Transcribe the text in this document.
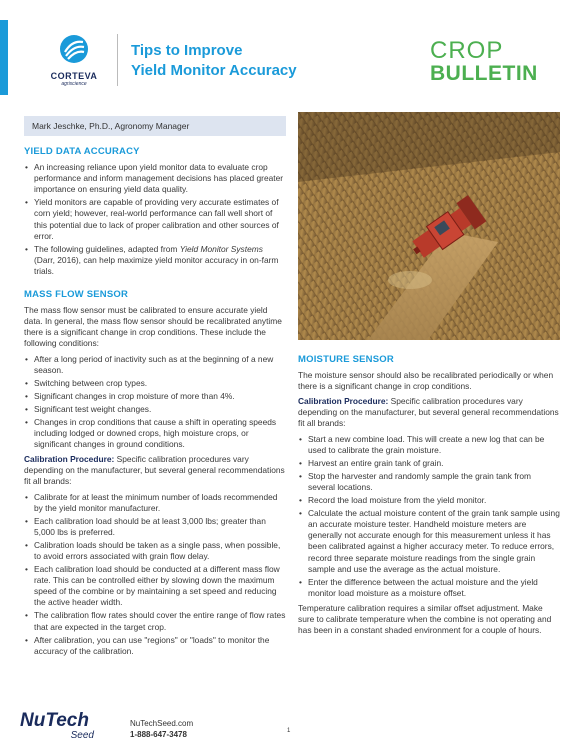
CORTEVA
agriscience
Tips to Improve
Yield Monitor Accuracy
CROP
BULLETIN
Mark Jeschke, Ph.D., Agronomy Manager
YIELD DATA ACCURACY
• An increasing reliance upon yield monitor data to evaluate crop performance and inform management decisions has placed greater importance on ensuring yield data quality.
• Yield monitors are capable of providing very accurate estimates of corn yield; however, real-world performance can fall well short of this potential due to lack of proper calibration and other sources of error.
• The following guidelines, adapted from Yield Monitor Systems (Darr, 2016), can help maximize yield monitor accuracy in on-farm trials.
MASS FLOW SENSOR

The mass flow sensor must be calibrated to ensure accurate yield data. In general, the mass flow sensor should be recalibrated anytime there is a significant change in crop conditions. These include the following conditions:

• After a long period of inactivity such as at the beginning of a new season.
• Switching between crop types.
• Significant changes in crop moisture of more than 4%.
• Significant test weight changes.
• Changes in crop conditions that cause a shift in operating speeds including lodged or downed crops, high moisture crops, or significant changes in ground conditions.

Calibration Procedure: Specific calibration procedures vary depending on the manufacturer, but several general recommendations fit all brands:

• Calibrate for at least the minimum number of loads recommended by the yield monitor manufacturer.
• Each calibration load should be at least 3,000 lbs; greater than 5,000 lbs is preferred.
• Calibration loads should be taken as a single pass, when possible, to avoid errors associated with grain flow delay.
• Each calibration load should be conducted at a different mass flow rate. This can be controlled either by slowing down the maximum speed of the combine or by maintaining a set speed and reducing the active header width.
• The calibration flow rates should cover the entire range of flow rates that are expected in the target crop.
• After calibration, you can use "regions" or "loads" to monitor the accuracy of the calibration.
MOISTURE SENSOR

The moisture sensor should also be recalibrated periodically or when there is a significant change in crop conditions.

Calibration Procedure: Specific calibration procedures vary depending on the manufacturer, but several general recommendations fit all brands:

• Start a new combine load. This will create a new log that can be used to calibrate the grain moisture.
• Harvest an entire grain tank of grain.
• Stop the harvester and randomly sample the grain tank from several locations.
• Record the load moisture from the yield monitor.
• Calculate the actual moisture content of the grain tank sample using an accurate moisture tester. Handheld moisture meters are generally not accurate enough for this measurement unless it has been calibrated against a higher accuracy meter. To reduce errors, record three separate moisture readings from the single grain sample and use the average as the actual moisture.
• Enter the difference between the actual moisture and the yield monitor load moisture as a moisture offset.

Temperature calibration requires a similar offset adjustment. Make sure to calibrate temperature when the combine is not operating and has been in a constant shaded environment for a couple of hours.

NuTech
Seed
NuTechSeed.com
1-888-647-3478	1
